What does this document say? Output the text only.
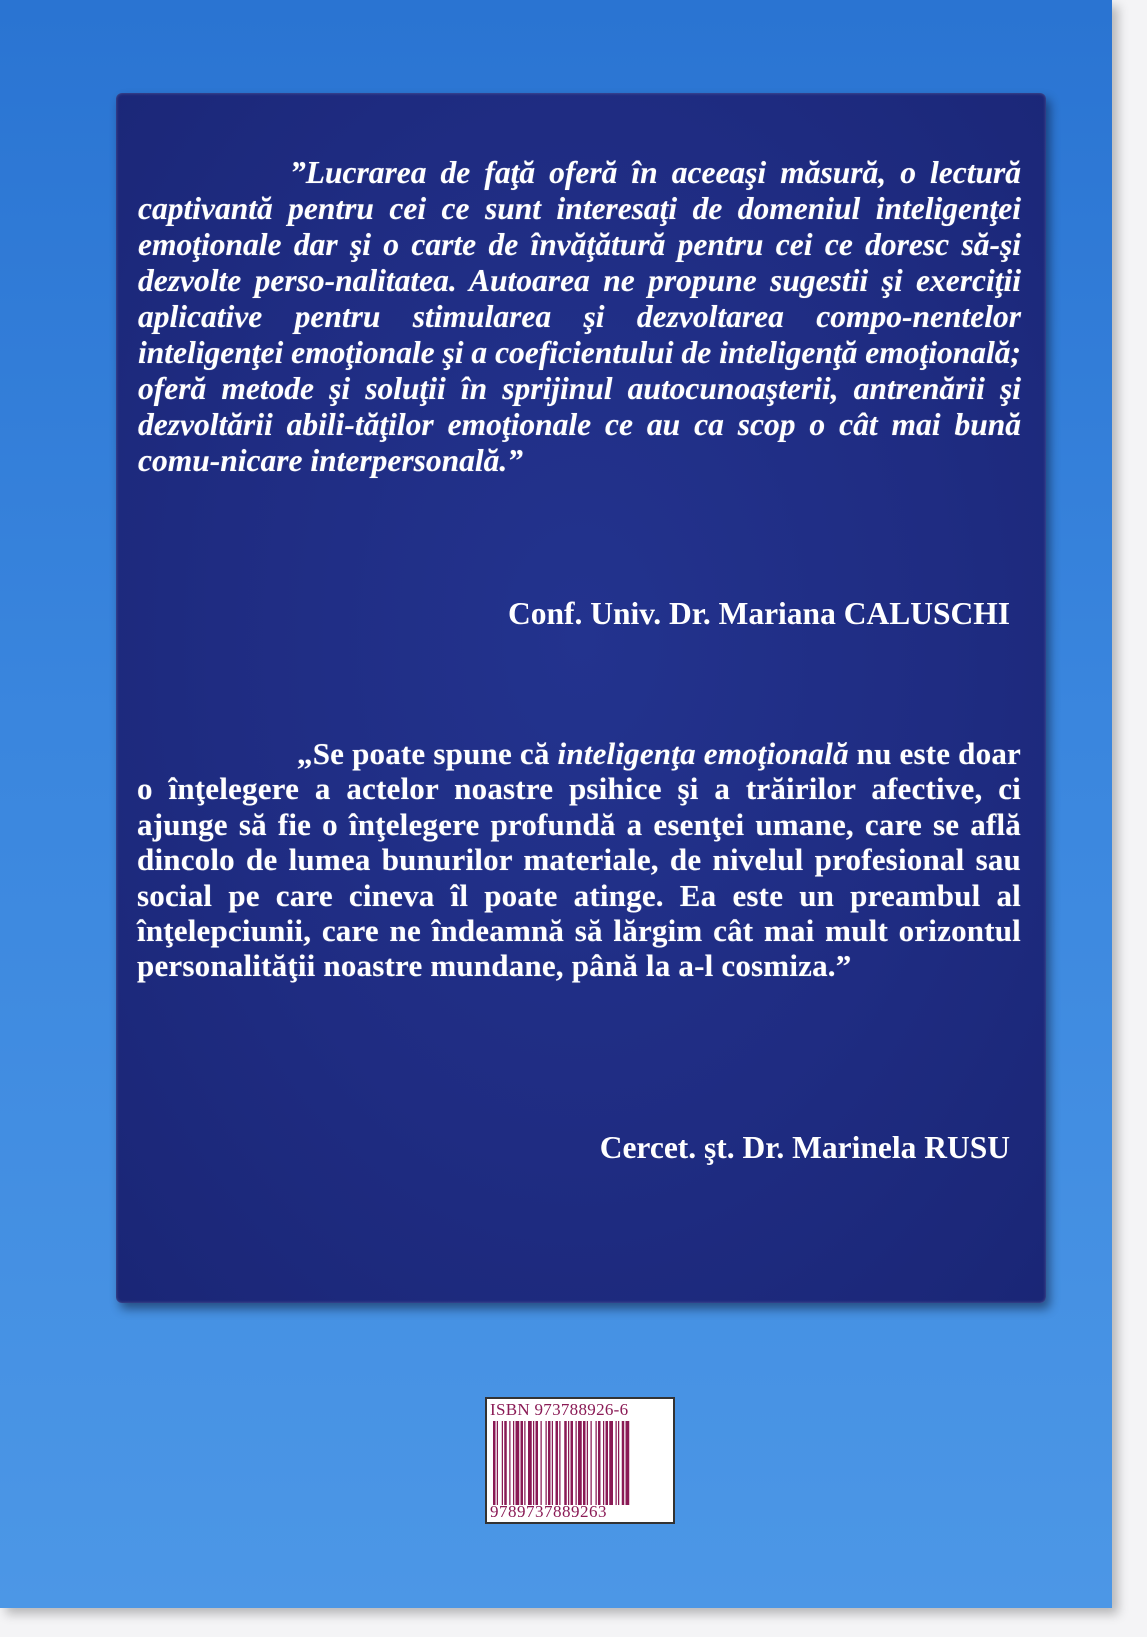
”Lucrarea de faţă oferă în aceeaşi măsură, o lectură captivantă pentru cei ce sunt interesaţi de domeniul inteligenţei emoţionale dar şi o carte de învăţătură pentru cei ce doresc să-şi dezvolte perso-nalitatea. Autoarea ne propune sugestii şi exerciţii aplicative pentru stimularea şi dezvoltarea compo-nentelor inteligenţei emoţionale şi a coeficientului de inteligenţă emoţională; oferă metode şi soluţii în sprijinul autocunoaşterii, antrenării şi dezvoltării abili-tăţilor emoţionale ce au ca scop o cât mai bună comu-nicare interpersonală.”

Conf. Univ. Dr. Mariana CALUSCHI

„Se poate spune că inteligenţa emoţională nu este doar o înţelegere a actelor noastre psihice şi a trăirilor afective, ci ajunge să fie o înţelegere profundă a esenţei umane, care se află dincolo de lumea bunurilor materiale, de nivelul profesional sau social pe care cineva îl poate atinge. Ea este un preambul al înţelepciunii, care ne îndeamnă să lărgim cât mai mult orizontul personalităţii noastre mundane, până la a-l cosmiza.”

Cercet. şt. Dr. Marinela RUSU

ISBN 973788926-6
9789737889263
